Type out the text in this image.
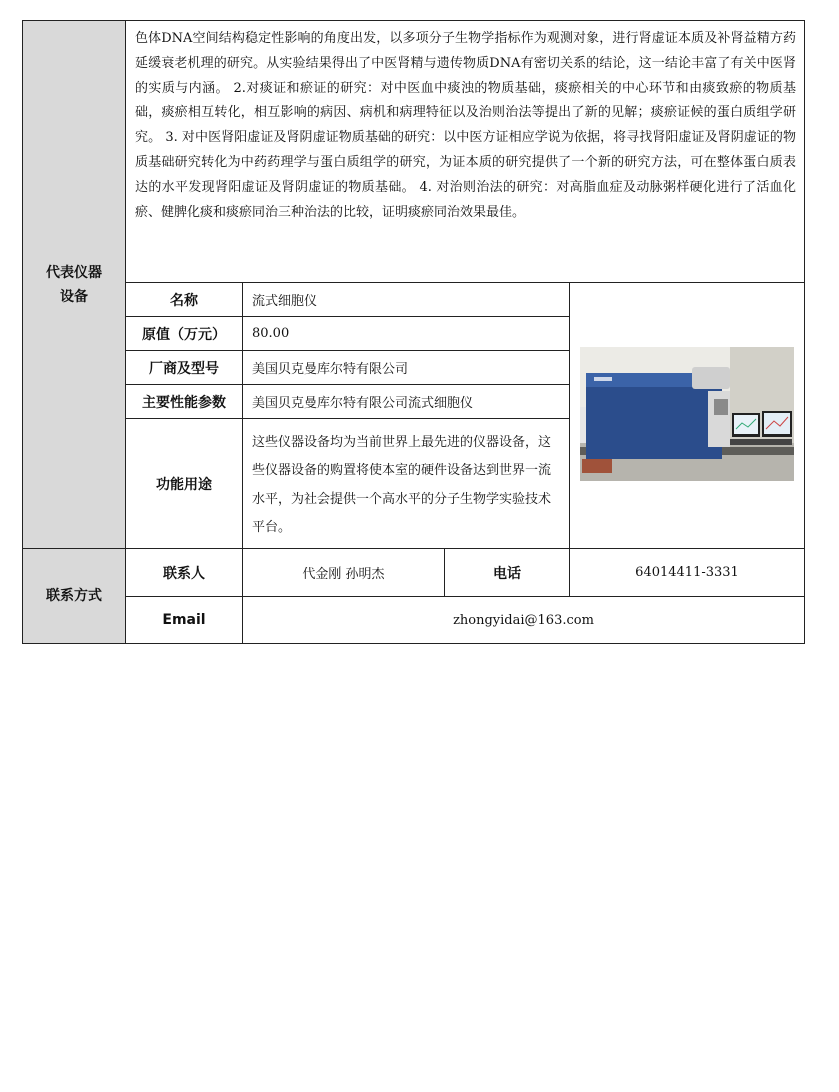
代表仪器
设备	色体DNA空间结构稳定性影响的角度出发，以多项分子生物学指标作为观测对象，进行肾虚证本质及补肾益精方药延缓衰老机理的研究。从实验结果得出了中医肾精与遗传物质DNA有密切关系的结论，这一结论丰富了有关中医肾的实质与内涵。 2.对痰证和瘀证的研究：对中医血中痰浊的物质基础，痰瘀相关的中心环节和由痰致瘀的物质基础，痰瘀相互转化，相互影响的病因、病机和病理特征以及治则治法等提出了新的见解；痰瘀证候的蛋白质组学研究。 3. 对中医肾阳虚证及肾阴虚证物质基础的研究：以中医方证相应学说为依据，将寻找肾阳虚证及肾阴虚证的物质基础研究转化为中药药理学与蛋白质组学的研究，为证本质的研究提供了一个新的研究方法，可在整体蛋白质表达的水平发现肾阳虚证及肾阴虚证的物质基础。 4. 对治则治法的研究：对高脂血症及动脉粥样硬化进行了活血化瘀、健脾化痰和痰瘀同治三种治法的比较，证明痰瘀同治效果最佳。			
	名称	流式细胞仪	
	原值（万元）	80.00		
	厂商及型号	美国贝克曼库尔特有限公司		
	主要性能参数	美国贝克曼库尔特有限公司流式细胞仪		
	功能用途	这些仪器设备均为当前世界上最先进的仪器设备，这些仪器设备的购置将使本室的硬件设备达到世界一流水平，为社会提供一个高水平的分子生物学实验技术平台。		
联系方式	联系人	代金刚 孙明杰	电话	64014411-3331
	Email	zhongyidai@163.com		
